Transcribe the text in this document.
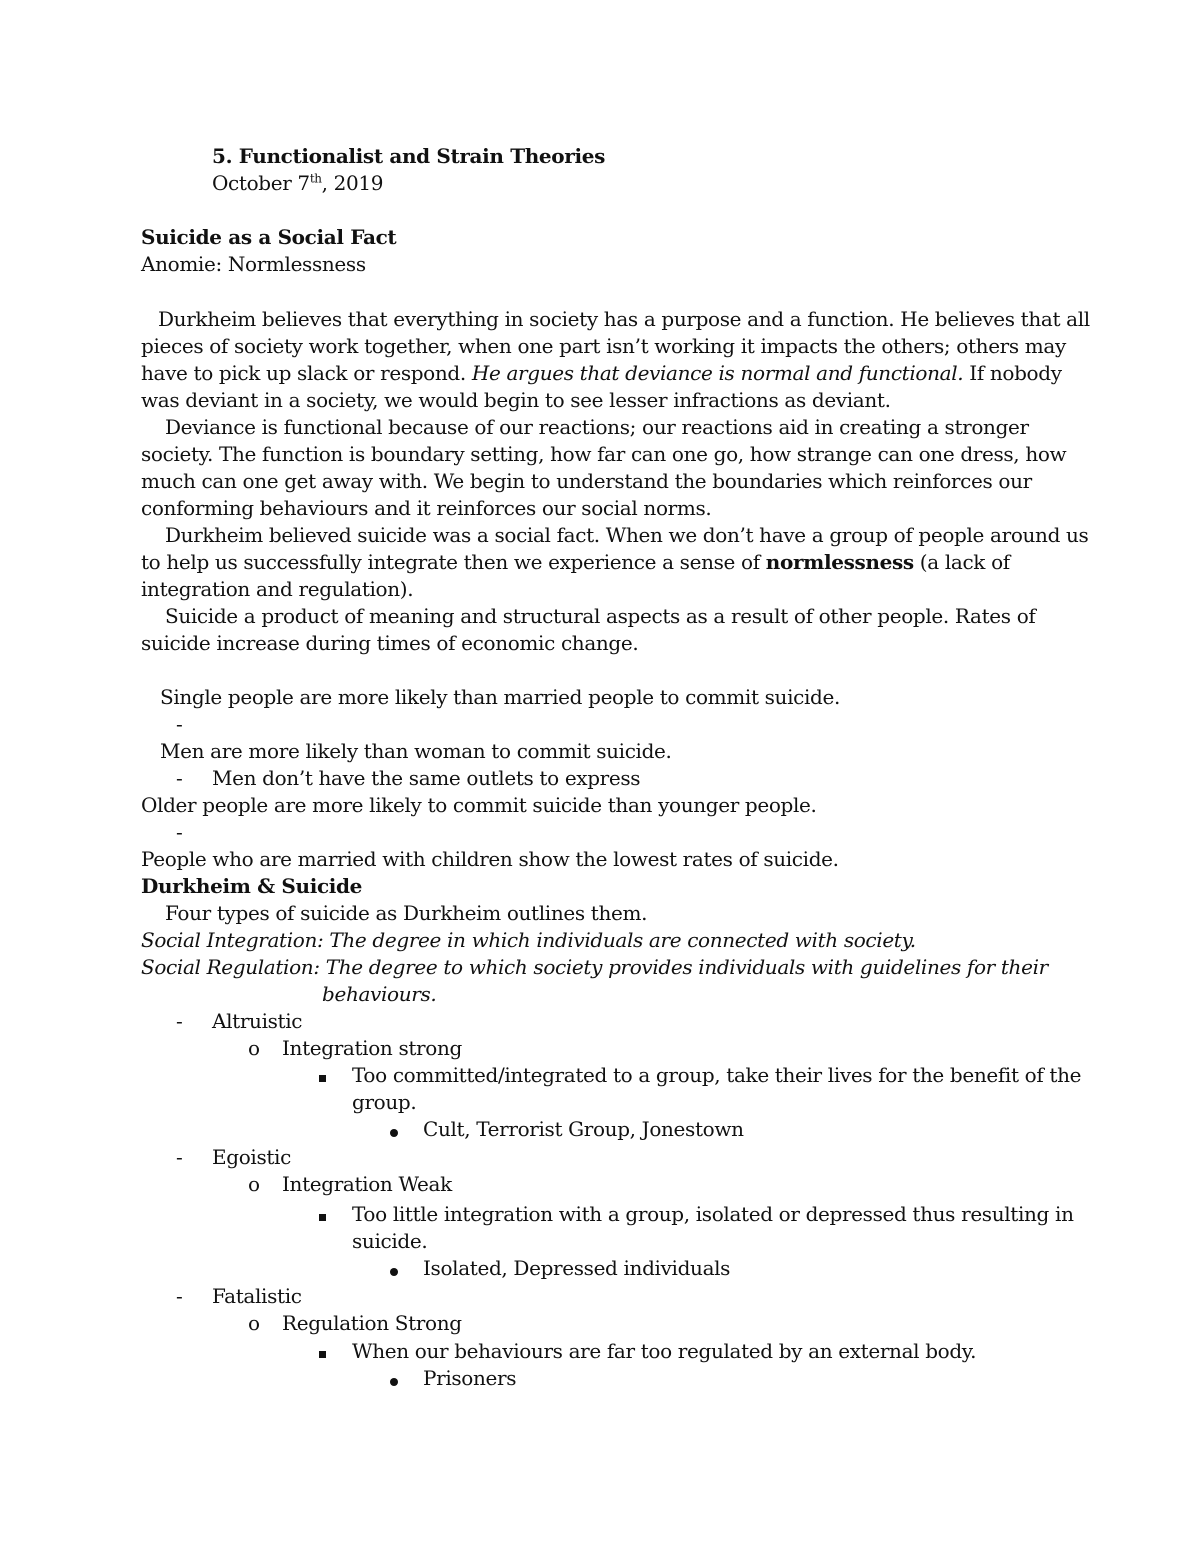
5. Functionalist and Strain Theories
October 7th, 2019
Suicide as a Social Fact
Anomie: Normlessness
Durkheim believes that everything in society has a purpose and a function. He believes that all
pieces of society work together, when one part isn’t working it impacts the others; others may
have to pick up slack or respond. He argues that deviance is normal and functional. If nobody
was deviant in a society, we would begin to see lesser infractions as deviant.
Deviance is functional because of our reactions; our reactions aid in creating a stronger
society. The function is boundary setting, how far can one go, how strange can one dress, how
much can one get away with. We begin to understand the boundaries which reinforces our
conforming behaviours and it reinforces our social norms.
Durkheim believed suicide was a social fact. When we don’t have a group of people around us
to help us successfully integrate then we experience a sense of normlessness (a lack of
integration and regulation).
Suicide a product of meaning and structural aspects as a result of other people. Rates of
suicide increase during times of economic change.
Single people are more likely than married people to commit suicide.
-
Men are more likely than woman to commit suicide.
- Men don’t have the same outlets to express
Older people are more likely to commit suicide than younger people.
-
People who are married with children show the lowest rates of suicide.
Durkheim & Suicide
Four types of suicide as Durkheim outlines them.
Social Integration: The degree in which individuals are connected with society.
Social Regulation: The degree to which society provides individuals with guidelines for their
behaviours.
- Altruistic
o Integration strong
Too committed/integrated to a group, take their lives for the benefit of the
group.
Cult, Terrorist Group, Jonestown
- Egoistic
o Integration Weak
Too little integration with a group, isolated or depressed thus resulting in
suicide.
Isolated, Depressed individuals
- Fatalistic
o Regulation Strong
When our behaviours are far too regulated by an external body.
Prisoners
